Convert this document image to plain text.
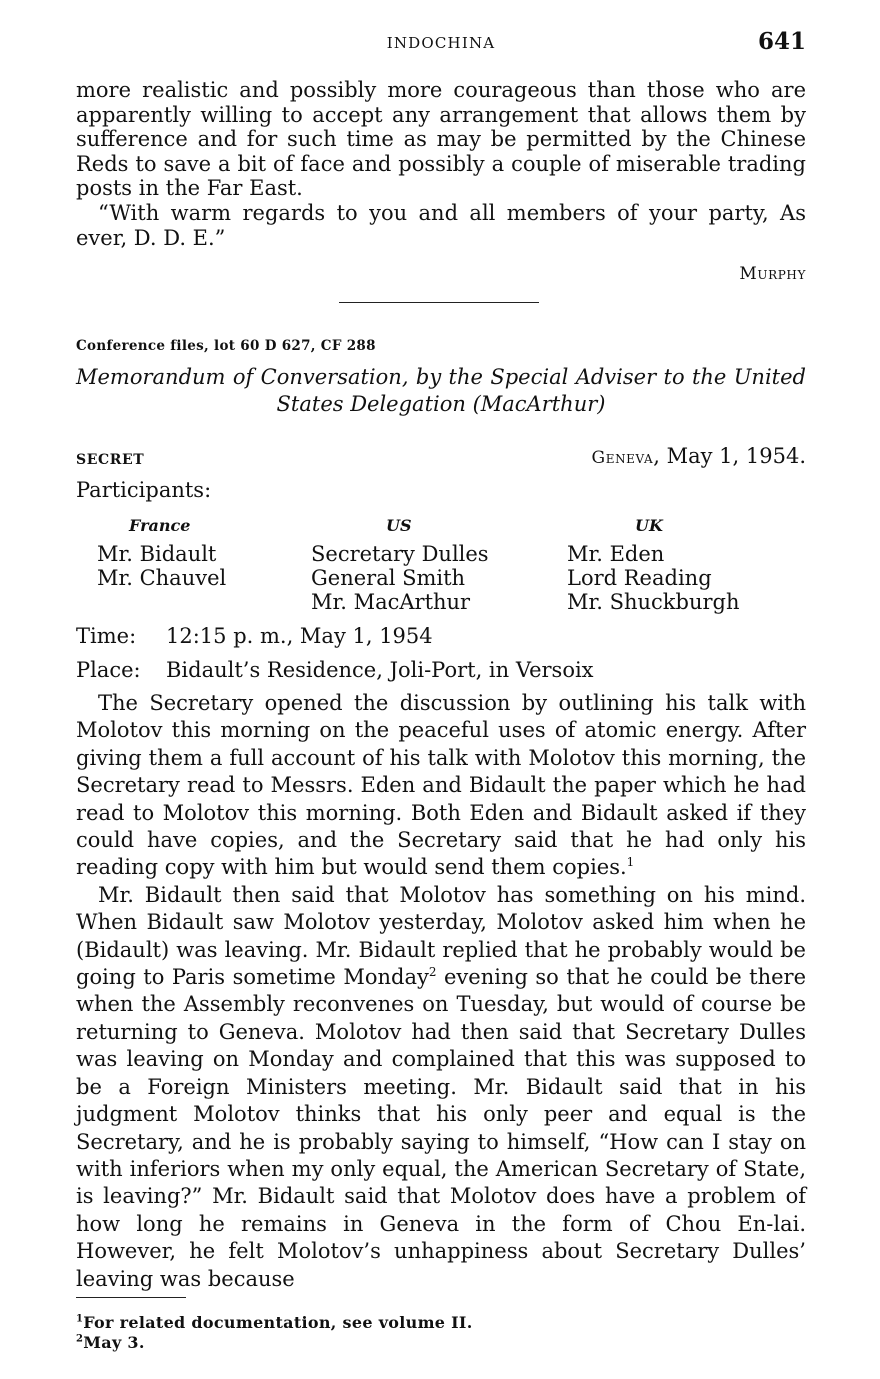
INDOCHINA	641

more realistic and possibly more courageous than those who are apparently willing to accept any arrangement that allows them by sufference and for such time as may be permitted by the Chinese Reds to save a bit of face and possibly a couple of miserable trading posts in the Far East.

“With warm regards to you and all members of your party, As ever, D. D. E.”

Murphy
Conference files, lot 60 D 627, CF 288
Memorandum of Conversation, by the Special Adviser to the United
States Delegation (MacArthur)
SECRET	Geneva, May 1, 1954.
Participants:
France
Mr. Bidault
Mr. Chauvel
US
Secretary Dulles
General Smith
Mr. MacArthur
UK
Mr. Eden
Lord Reading
Mr. Shuckburgh
Time: 12:15 p. m., May 1, 1954
Place: Bidault’s Residence, Joli-Port, in Versoix

The Secretary opened the discussion by outlining his talk with Molotov this morning on the peaceful uses of atomic energy. After giving them a full account of his talk with Molotov this morning, the Secretary read to Messrs. Eden and Bidault the paper which he had read to Molotov this morning. Both Eden and Bidault asked if they could have copies, and the Secretary said that he had only his reading copy with him but would send them copies.$^1$

Mr. Bidault then said that Molotov has something on his mind. When Bidault saw Molotov yesterday, Molotov asked him when he (Bidault) was leaving. Mr. Bidault replied that he probably would be going to Paris sometime Monday$^2$ evening so that he could be there when the Assembly reconvenes on Tuesday, but would of course be returning to Geneva. Molotov had then said that Secretary Dulles was leaving on Monday and complained that this was supposed to be a Foreign Ministers meeting. Mr. Bidault said that in his judgment Molotov thinks that his only peer and equal is the Secretary, and he is probably saying to himself, “How can I stay on with inferiors when my only equal, the American Secretary of State, is leaving?” Mr. Bidault said that Molotov does have a problem of how long he remains in Geneva in the form of Chou En-lai. However, he felt Molotov’s unhappiness about Secretary Dulles’ leaving was because

$^1$For related documentation, see volume II.
$^2$May 3.
